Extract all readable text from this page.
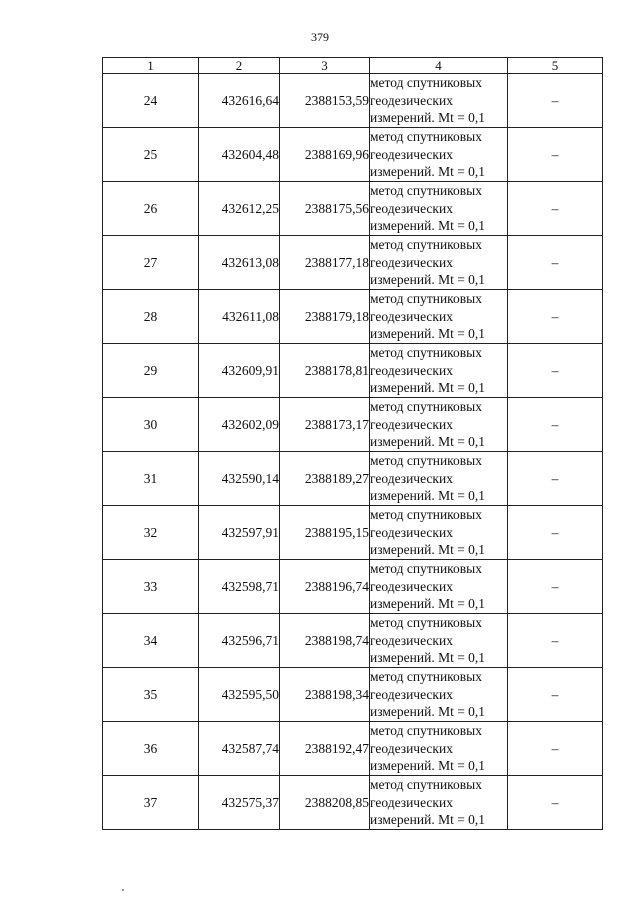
379
1	2	3	4	5
24	432616,64	2388153,59	метод спутниковых
геодезических
измерений. Mt = 0,1	–
25	432604,48	2388169,96	метод спутниковых
геодезических
измерений. Mt = 0,1	–
26	432612,25	2388175,56	метод спутниковых
геодезических
измерений. Mt = 0,1	–
27	432613,08	2388177,18	метод спутниковых
геодезических
измерений. Mt = 0,1	–
28	432611,08	2388179,18	метод спутниковых
геодезических
измерений. Mt = 0,1	–
29	432609,91	2388178,81	метод спутниковых
геодезических
измерений. Mt = 0,1	–
30	432602,09	2388173,17	метод спутниковых
геодезических
измерений. Mt = 0,1	–
31	432590,14	2388189,27	метод спутниковых
геодезических
измерений. Mt = 0,1	–
32	432597,91	2388195,15	метод спутниковых
геодезических
измерений. Mt = 0,1	–
33	432598,71	2388196,74	метод спутниковых
геодезических
измерений. Mt = 0,1	–
34	432596,71	2388198,74	метод спутниковых
геодезических
измерений. Mt = 0,1	–
35	432595,50	2388198,34	метод спутниковых
геодезических
измерений. Mt = 0,1	–
36	432587,74	2388192,47	метод спутниковых
геодезических
измерений. Mt = 0,1	–
37	432575,37	2388208,85	метод спутниковых
геодезических
измерений. Mt = 0,1	–
